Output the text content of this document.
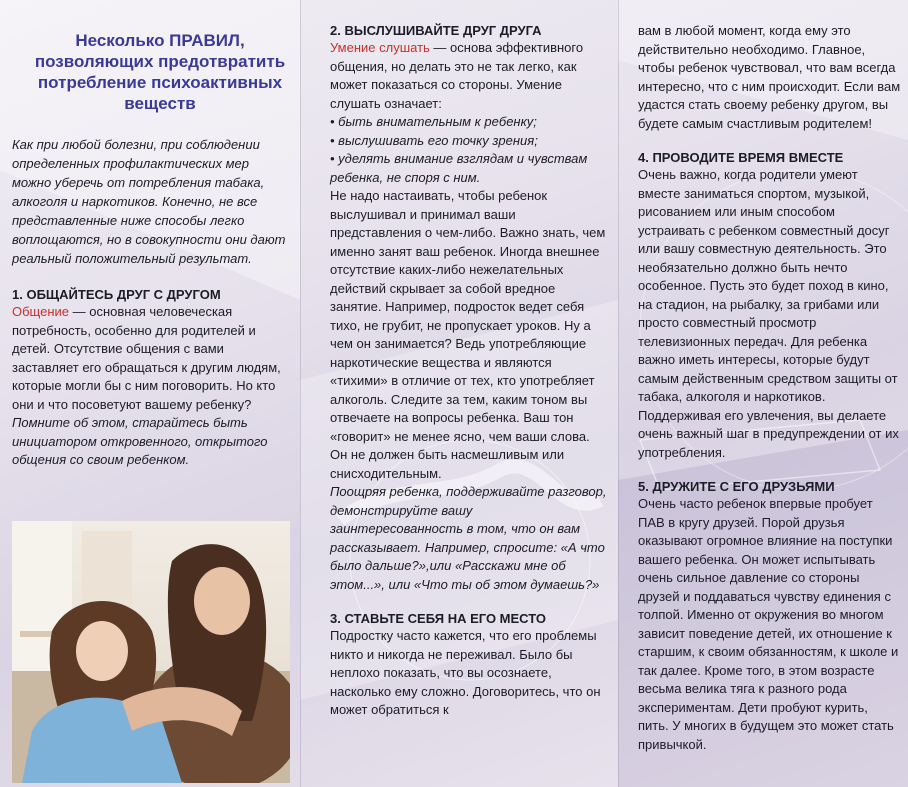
Несколько ПРАВИЛ, позволяющих предотвратить потребление психоактивных веществ

Как при любой болезни, при соблюдении определенных профилактических мер можно уберечь от потребления табака, алкоголя и наркотиков. Конечно, не все представленные ниже способы легко воплощаются, но в совокупности они дают реальный положительный результат.

1. ОБЩАЙТЕСЬ ДРУГ С ДРУГОМ

Общение — основная человеческая потребность, особенно для родителей и детей. Отсутствие общения с вами заставляет его обращаться к другим людям, которые могли бы с ним поговорить. Но кто они и что посоветуют вашему ребенку?

Помните об этом, старайтесь быть инициатором откровенного, открытого общения со своим ребенком.

2. ВЫСЛУШИВАЙТЕ ДРУГ ДРУГА

Умение слушать — основа эффективного общения, но делать это не так легко, как может показаться со стороны. Умение слушать означает:

• быть внимательным к ребенку;
• выслушивать его точку зрения;
• уделять внимание взглядам и чувствам ребенка, не споря с ним.

Не надо настаивать, чтобы ребенок выслушивал и принимал ваши представления о чем-либо. Важно знать, чем именно занят ваш ребенок. Иногда внешнее отсутствие каких-либо нежелательных действий скрывает за собой вредное занятие. Например, подросток ведет себя тихо, не грубит, не пропускает уроков. Ну а чем он занимается? Ведь употребляющие наркотические вещества и являются «тихими» в отличие от тех, кто употребляет алкоголь. Следите за тем, каким тоном вы отвечаете на вопросы ребенка. Ваш тон «говорит» не менее ясно, чем ваши слова. Он не должен быть насмешливым или снисходительным.

Поощряя ребенка, поддерживайте разговор, демонстрируйте вашу заинтересованность в том, что он вам рассказывает. Например, спросите: «А что было дальше?»,или «Расскажи мне об этом...», или «Что ты об этом думаешь?»

3. СТАВЬТЕ СЕБЯ НА ЕГО МЕСТО

Подростку часто кажется, что его проблемы никто и никогда не переживал. Было бы неплохо показать, что вы осознаете, насколько ему сложно. Договоритесь, что он может обратиться к

вам в любой момент, когда ему это действительно необходимо. Главное, чтобы ребенок чувствовал, что вам всегда интересно, что с ним происходит. Если вам удастся стать своему ребенку другом, вы будете самым счастливым родителем!

4. ПРОВОДИТЕ ВРЕМЯ ВМЕСТЕ

Очень важно, когда родители умеют вместе заниматься спортом, музыкой, рисованием или иным способом устраивать с ребенком совместный досуг или вашу совместную деятельность. Это необязательно должно быть нечто особенное. Пусть это будет поход в кино, на стадион, на рыбалку, за грибами или просто совместный просмотр телевизионных передач. Для ребенка важно иметь интересы, которые будут самым действенным средством защиты от табака, алкоголя и наркотиков. Поддерживая его увлечения, вы делаете очень важный шаг в предупреждении от их употребления.

5. ДРУЖИТЕ С ЕГО ДРУЗЬЯМИ

Очень часто ребенок впервые пробует ПАВ в кругу друзей. Порой друзья оказывают огромное влияние на поступки вашего ребенка. Он может испытывать очень сильное давление со стороны друзей и поддаваться чувству единения с толпой. Именно от окружения во многом зависит поведение детей, их отношение к старшим, к своим обязанностям, к школе и так далее. Кроме того, в этом возрасте весьма велика тяга к разного рода экспериментам. Дети пробуют курить, пить. У многих в будущем это может стать привычкой.
